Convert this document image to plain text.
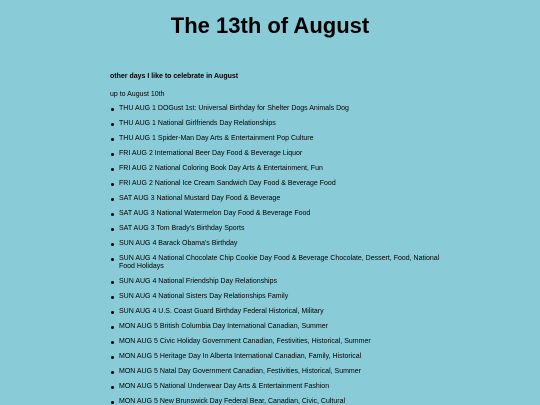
The 13th of August

other days I like to celebrate in August

up to August 10th

THU AUG 1 DOGust 1st: Universal Birthday for Shelter Dogs Animals Dog
THU AUG 1 National Girlfriends Day Relationships
THU AUG 1 Spider-Man Day Arts & Entertainment Pop Culture
FRI AUG 2 International Beer Day Food & Beverage Liquor
FRI AUG 2 National Coloring Book Day Arts & Entertainment, Fun
FRI AUG 2 National Ice Cream Sandwich Day Food & Beverage Food
SAT AUG 3 National Mustard Day Food & Beverage
SAT AUG 3 National Watermelon Day Food & Beverage Food
SAT AUG 3 Tom Brady's Birthday Sports
SUN AUG 4 Barack Obama's Birthday
SUN AUG 4 National Chocolate Chip Cookie Day Food & Beverage Chocolate, Dessert, Food, National Food Holidays
SUN AUG 4 National Friendship Day Relationships
SUN AUG 4 National Sisters Day Relationships Family
SUN AUG 4 U.S. Coast Guard Birthday Federal Historical, Military
MON AUG 5 British Columbia Day International Canadian, Summer
MON AUG 5 Civic Holiday Government Canadian, Festivities, Historical, Summer
MON AUG 5 Heritage Day In Alberta International Canadian, Family, Historical
MON AUG 5 Natal Day Government Canadian, Festivities, Historical, Summer
MON AUG 5 National Underwear Day Arts & Entertainment Fashion
MON AUG 5 New Brunswick Day Federal Bear, Canadian, Civic, Cultural
